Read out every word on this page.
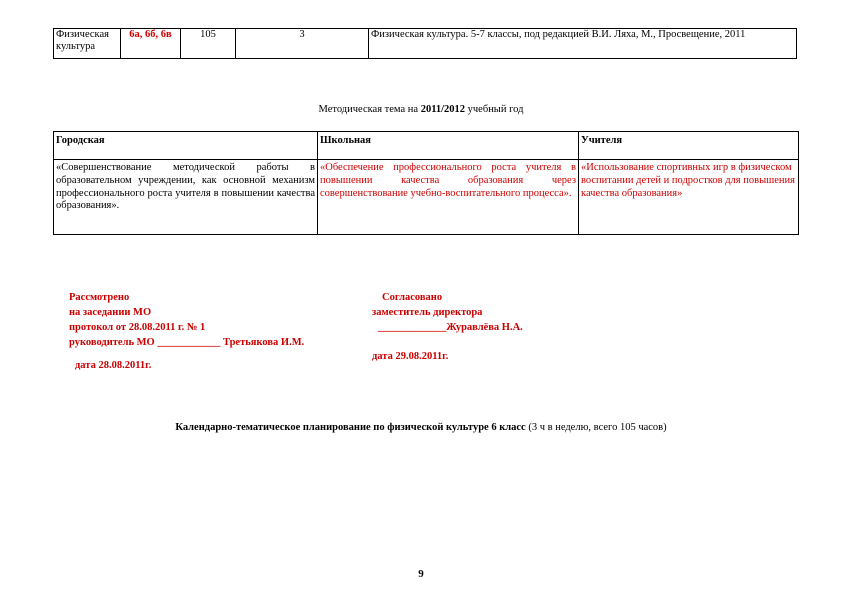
Физическая культура	6а, 6б, 6в	105	3	Физическая культура. 5-7 классы, под редакцией В.И. Ляха, М., Просвещение, 2011
Методическая тема на 2011/2012 учебный год
Городская	Школьная	Учителя
«Совершенствование методической работы в образовательном учреждении, как основной механизм профессионального роста учителя в повышении качества образования».	«Обеспечение профессионального роста учителя в повышении качества образования через совершенствование учебно-воспитательного процесса».	«Использование спортивных игр в физическом воспитании детей и подростков для повышения качества образования»
Рассмотрено
на заседании МО
протокол от 28.08.2011 г. № 1
руководитель МО ____________ Третьякова И.М.
дата 28.08.2011г.
Согласовано
заместитель директора
_____________Журавлёва Н.А.
дата 29.08.2011г.
Календарно-тематическое планирование по физической культуре 6 класс (3 ч в неделю, всего 105 часов)
9
